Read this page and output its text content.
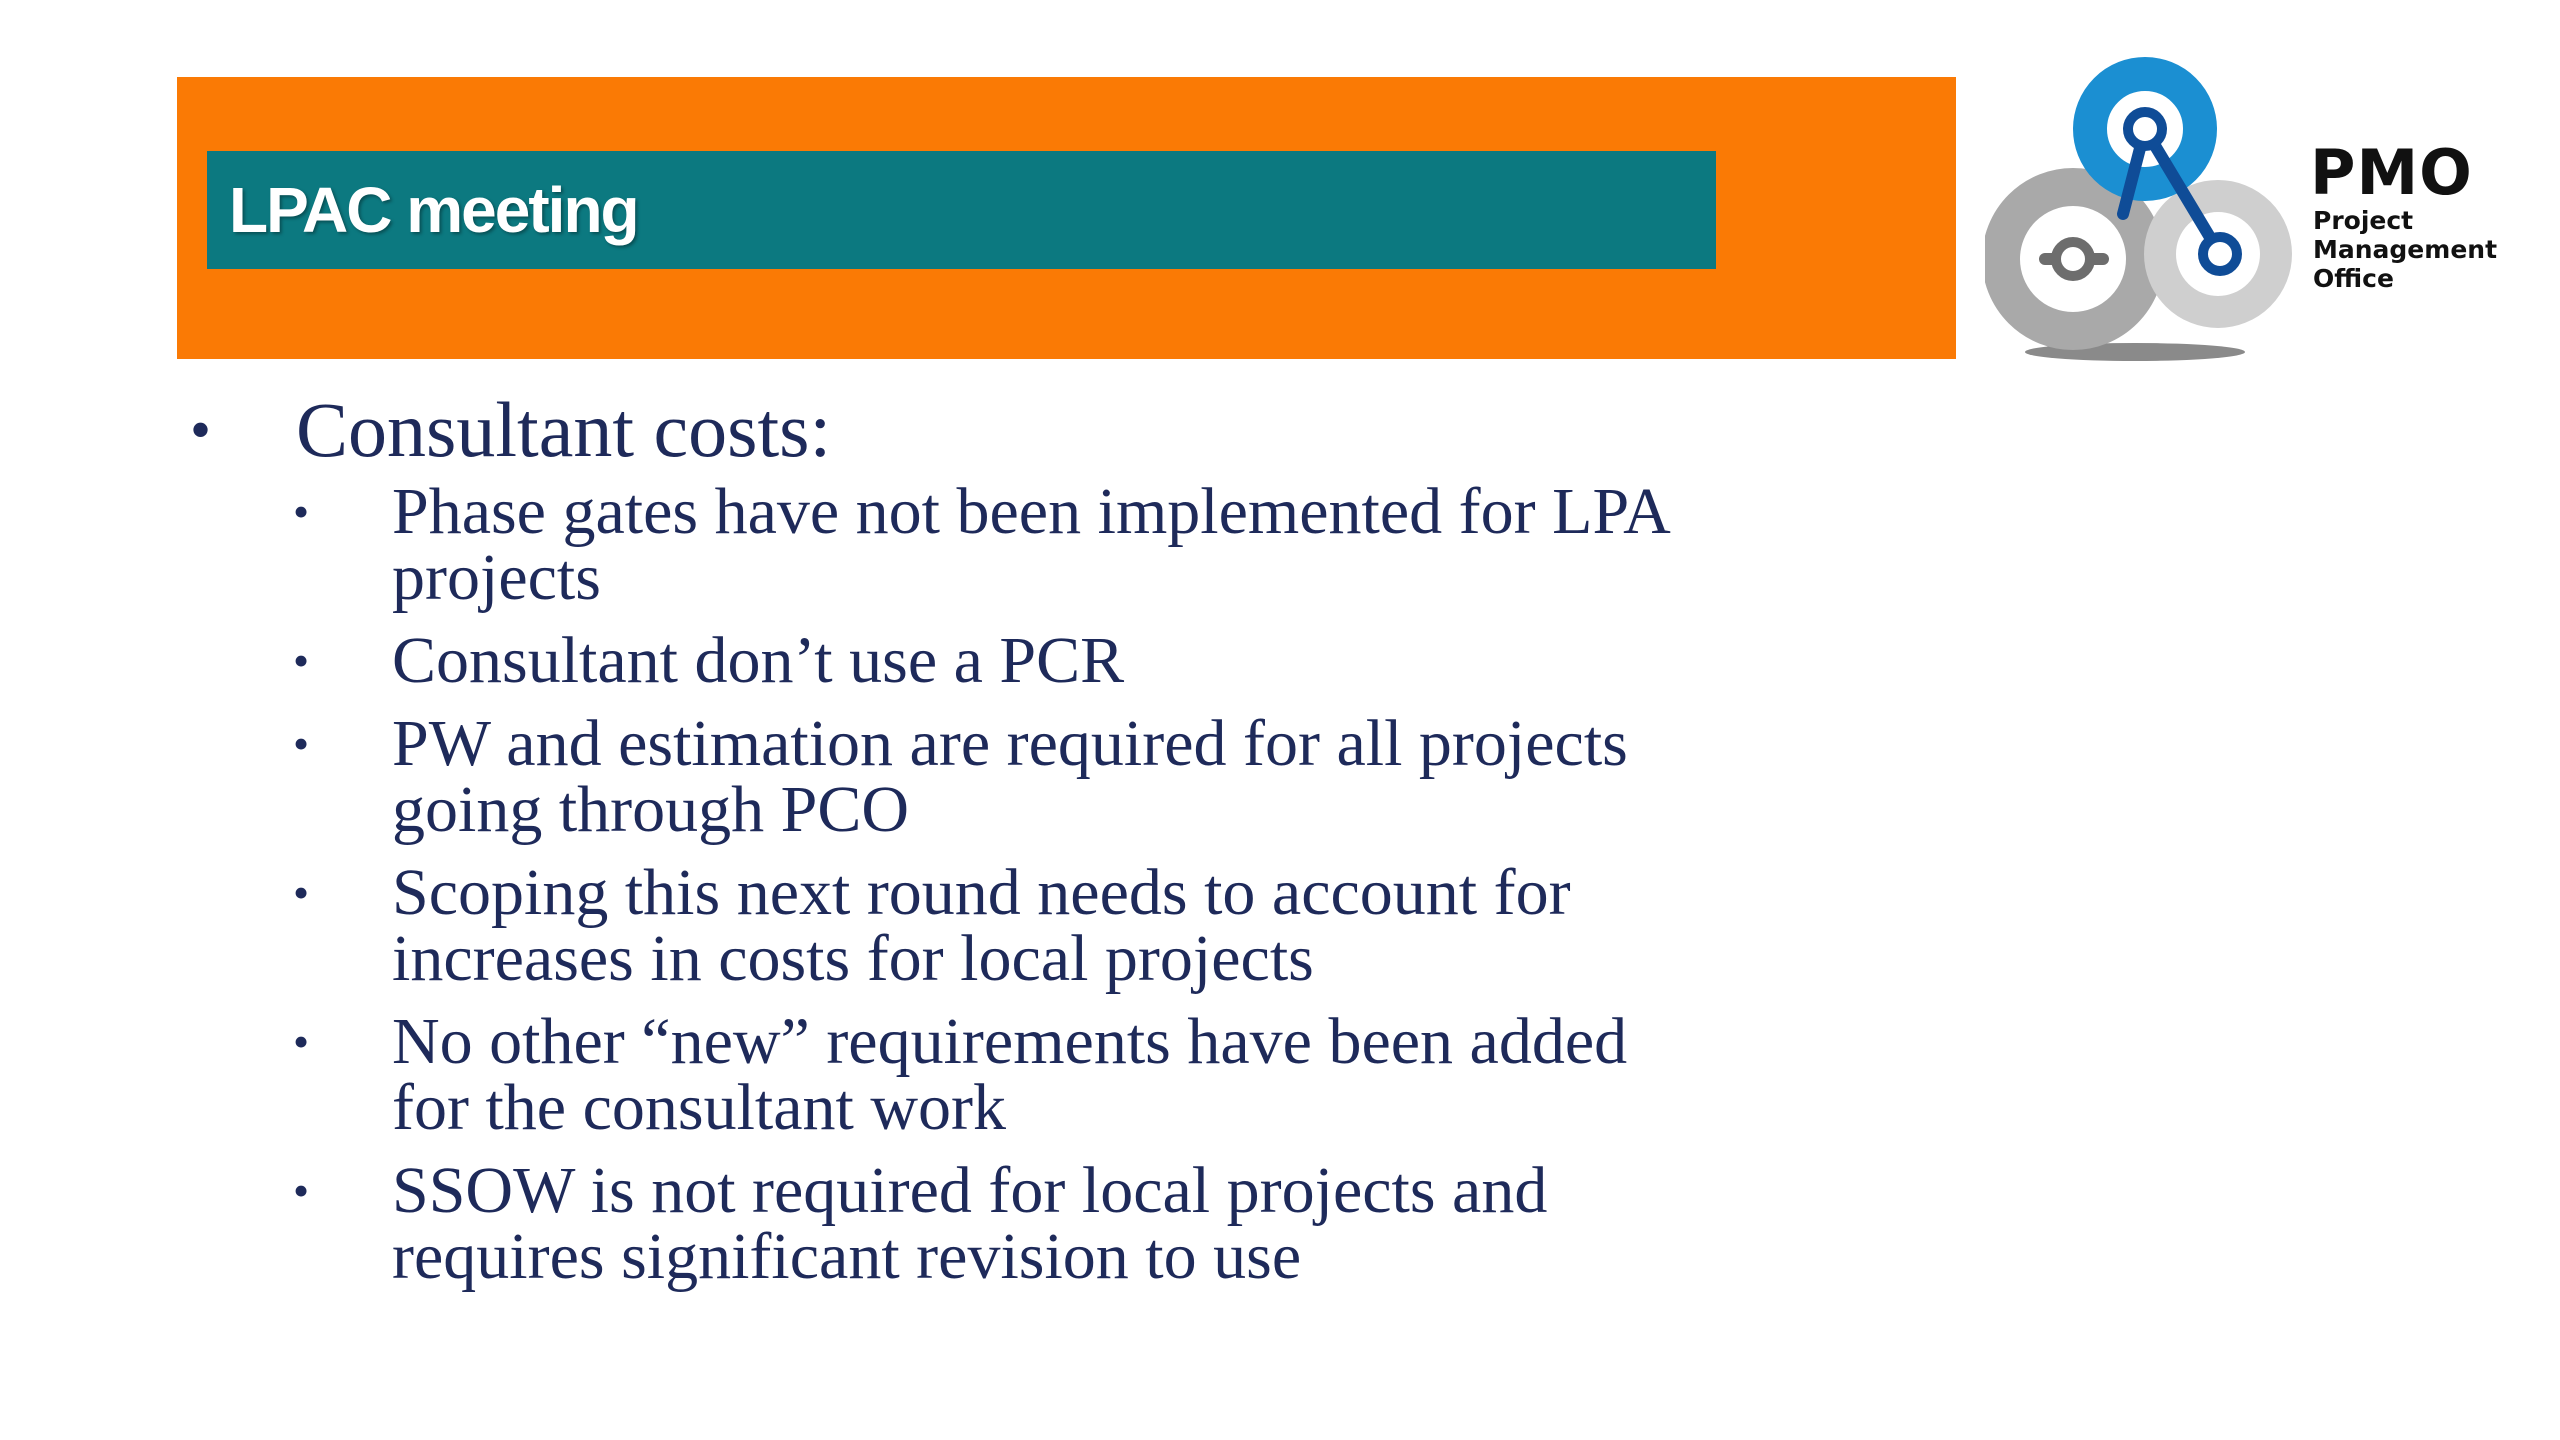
LPAC meeting
PMO
Project
Management
Office
• Consultant costs:
• Phase gates have not been implemented for LPA
projects
• Consultant don’t use a PCR
• PW and estimation are required for all projects
going through PCO
• Scoping this next round needs to account for
increases in costs for local projects
• No other “new” requirements have been added
for the consultant work
• SSOW is not required for local projects and
requires significant revision to use
